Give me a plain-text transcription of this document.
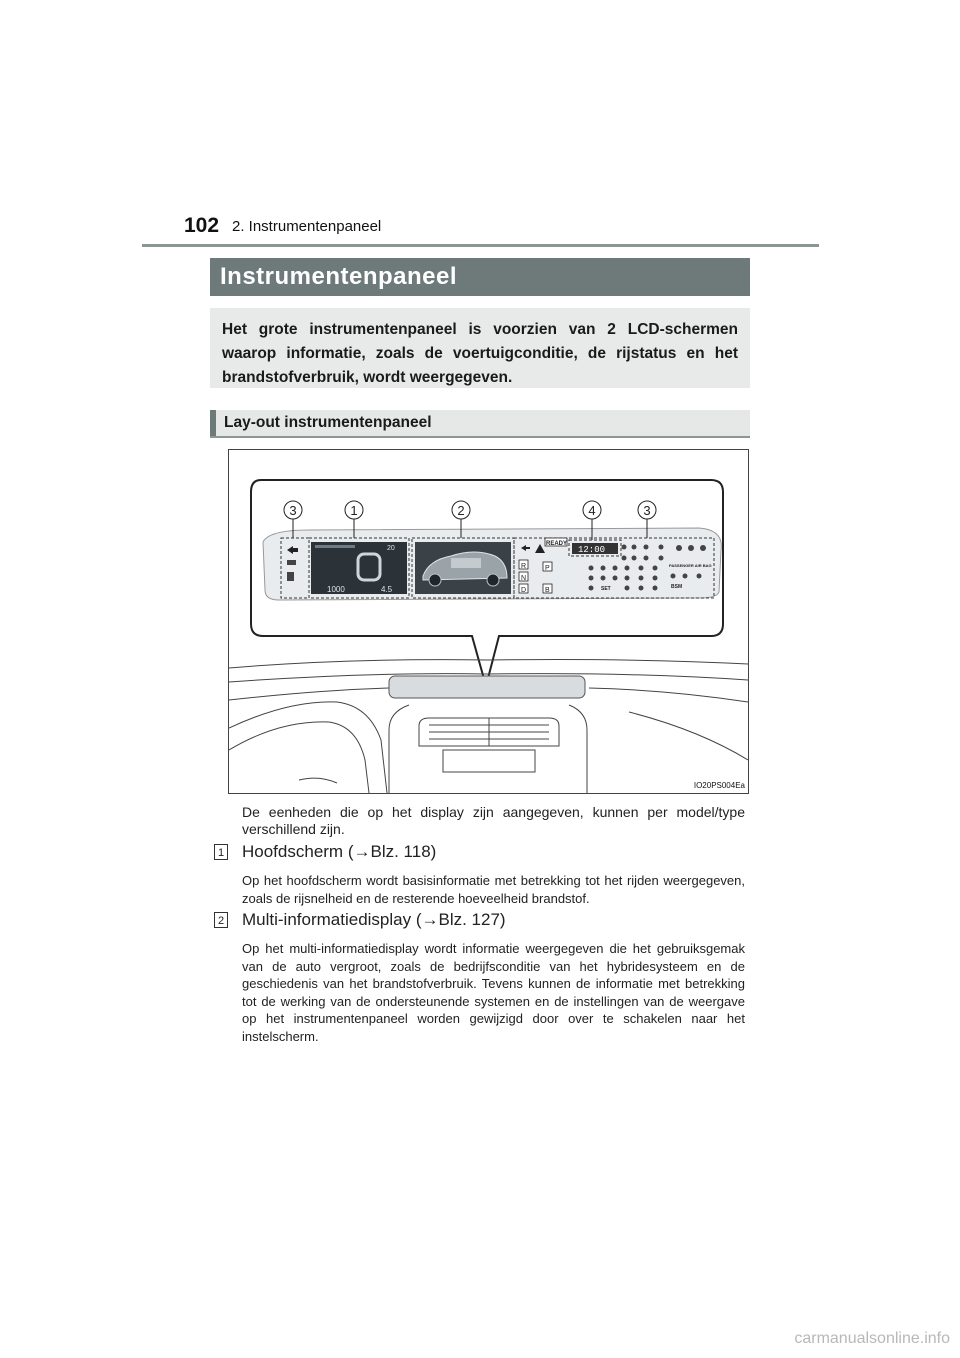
102 2. Instrumentenpaneel
Instrumentenpaneel

Het grote instrumentenpaneel is voorzien van 2 LCD-schermen waarop informatie, zoals de voertuigconditie, de rijstatus en het brandstofverbruik, wordt weergegeven.

Lay-out instrumentenpaneel
20
1000	4.5
READY
12:00
PASSENGER AIR BAG
SET	BSM
R
N
D
P
B
3	1	2	4	3
IO20PS004Ea

De eenheden die op het display zijn aangegeven, kunnen per model/type verschillend zijn.

1 Hoofdscherm (→Blz. 118)

Op het hoofdscherm wordt basisinformatie met betrekking tot het rijden weergegeven, zoals de rijsnelheid en de resterende hoeveelheid brandstof.

2 Multi-informatiedisplay (→Blz. 127)

Op het multi-informatiedisplay wordt informatie weergegeven die het gebruiksgemak van de auto vergroot, zoals de bedrijfsconditie van het hybridesysteem en de geschiedenis van het brandstofverbruik. Tevens kunnen de informatie met betrekking tot de werking van de ondersteunende systemen en de instellingen van de weergave op het instrumentenpaneel worden gewijzigd door over te schakelen naar het instelscherm.

carmanualsonline.info
